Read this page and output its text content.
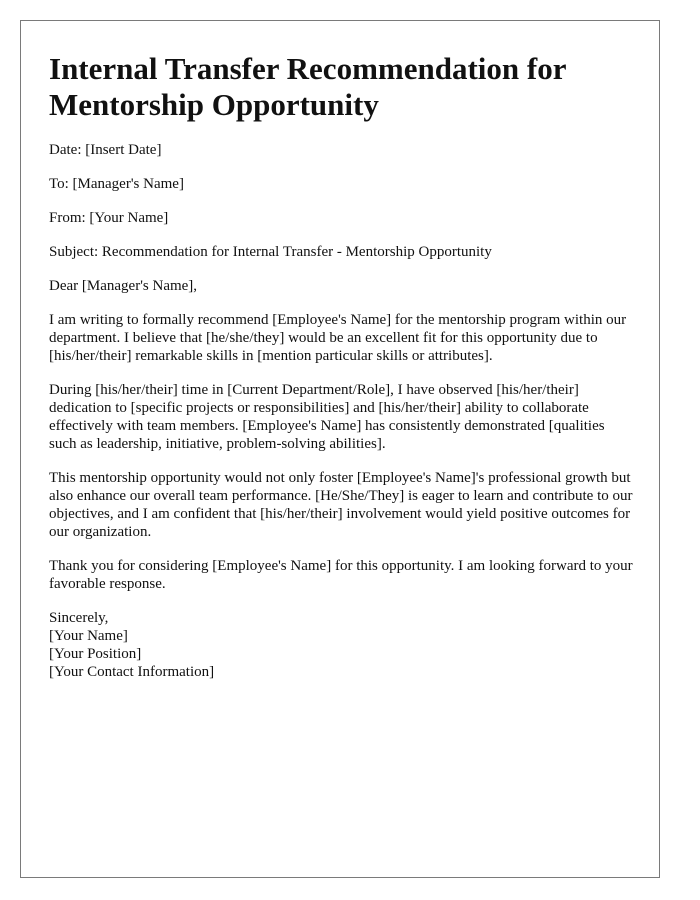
Internal Transfer Recommendation for Mentorship Opportunity

Date: [Insert Date]

To: [Manager's Name]

From: [Your Name]

Subject: Recommendation for Internal Transfer - Mentorship Opportunity

Dear [Manager's Name],

I am writing to formally recommend [Employee's Name] for the mentorship program within our department. I believe that [he/she/they] would be an excellent fit for this opportunity due to [his/her/their] remarkable skills in [mention particular skills or attributes].

During [his/her/their] time in [Current Department/Role], I have observed [his/her/their] dedication to [specific projects or responsibilities] and [his/her/their] ability to collaborate effectively with team members. [Employee's Name] has consistently demonstrated [qualities such as leadership, initiative, problem-solving abilities].

This mentorship opportunity would not only foster [Employee's Name]'s professional growth but also enhance our overall team performance. [He/She/They] is eager to learn and contribute to our objectives, and I am confident that [his/her/their] involvement would yield positive outcomes for our organization.

Thank you for considering [Employee's Name] for this opportunity. I am looking forward to your favorable response.

Sincerely,
[Your Name]
[Your Position]
[Your Contact Information]
